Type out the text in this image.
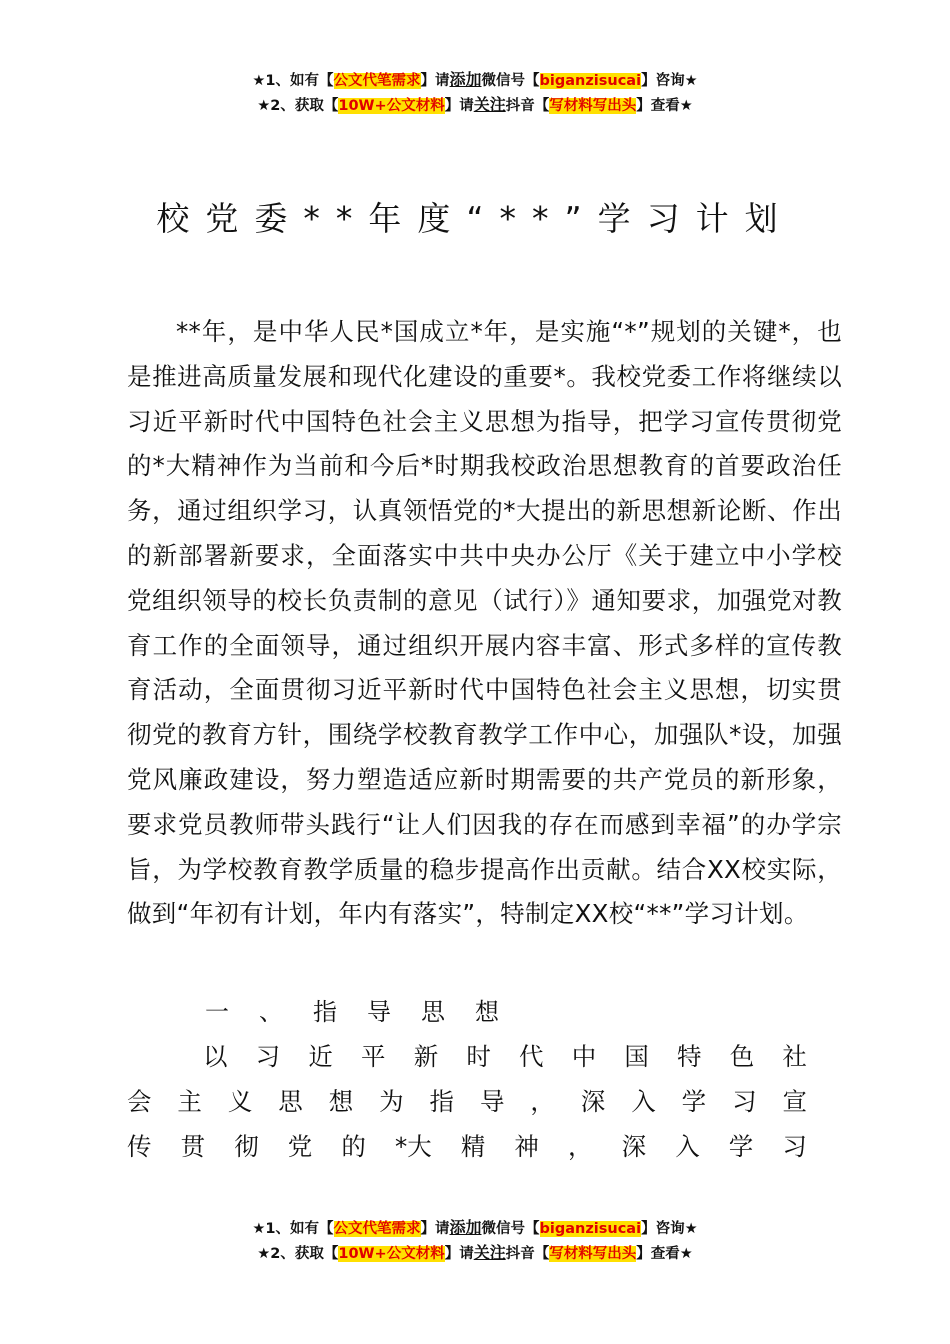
★1、如有【公文代笔需求】请添加微信号【biganzisucai】咨询★
★2、获取【10W+公文材料】请关注抖音【写材料写出头】查看★
校党委**年度“**”学习计划

**年，是中华人民*国成立*年，是实施“*”规划的关键*，也是推进高质量发展和现代化建设的重要*。我校党委工作将继续以习近平新时代中国特色社会主义思想为指导，把学习宣传贯彻党的*大精神作为当前和今后*时期我校政治思想教育的首要政治任务，通过组织学习，认真领悟党的*大提出的新思想新论断、作出的新部署新要求，全面落实中共中央办公厅《关于建立中小学校党组织领导的校长负责制的意见（试行）》通知要求，加强党对教育工作的全面领导，通过组织开展内容丰富、形式多样的宣传教育活动，全面贯彻习近平新时代中国特色社会主义思想，切实贯彻党的教育方针，围绕学校教育教学工作中心，加强队*设，加强党风廉政建设，努力塑造适应新时期需要的共产党员的新形象，要求党员教师带头践行“让人们因我的存在而感到幸福”的办学宗旨，为学校教育教学质量的稳步提高作出贡献。结合XX校实际，做到“年初有计划，年内有落实”，特制定XX校“**”学习计划。

一、指导思想
以 习 近 平 新 时 代 中 国 特 色 社
会 主 义 思 想 为 指 导 ， 深 入 学 习 宣
传 贯 彻 党 的 *大 精 神 ， 深 入 学 习
★1、如有【公文代笔需求】请添加微信号【biganzisucai】咨询★
★2、获取【10W+公文材料】请关注抖音【写材料写出头】查看★
